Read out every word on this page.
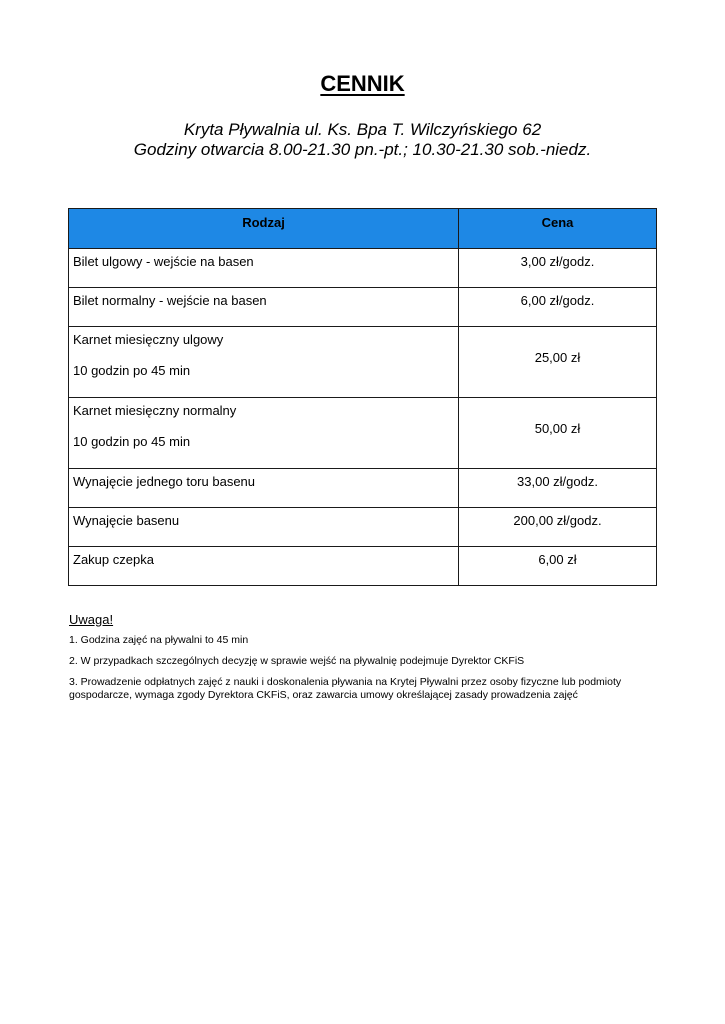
CENNIK

Kryta Pływalnia ul. Ks. Bpa T. Wilczyńskiego 62

Godziny otwarcia 8.00-21.30 pn.-pt.; 10.30-21.30 sob.-niedz.

Rodzaj	Cena
Bilet ulgowy - wejście na basen	3,00 zł/godz.
Bilet normalny - wejście na basen	6,00 zł/godz.
Karnet miesięczny ulgowy
10 godzin po 45 min	25,00 zł
Karnet miesięczny normalny
10 godzin po 45 min	50,00 zł
Wynajęcie jednego toru basenu	33,00 zł/godz.
Wynajęcie basenu	200,00 zł/godz.
Zakup czepka	6,00 zł

Uwaga!

1. Godzina zajęć na pływalni to 45 min

2. W przypadkach szczególnych decyzję w sprawie wejść na pływalnię podejmuje Dyrektor CKFiS

3. Prowadzenie odpłatnych zajęć z nauki i doskonalenia pływania na Krytej Pływalni przez osoby fizyczne lub podmioty gospodarcze, wymaga zgody Dyrektora CKFiS, oraz zawarcia umowy określającej zasady prowadzenia zajęć
